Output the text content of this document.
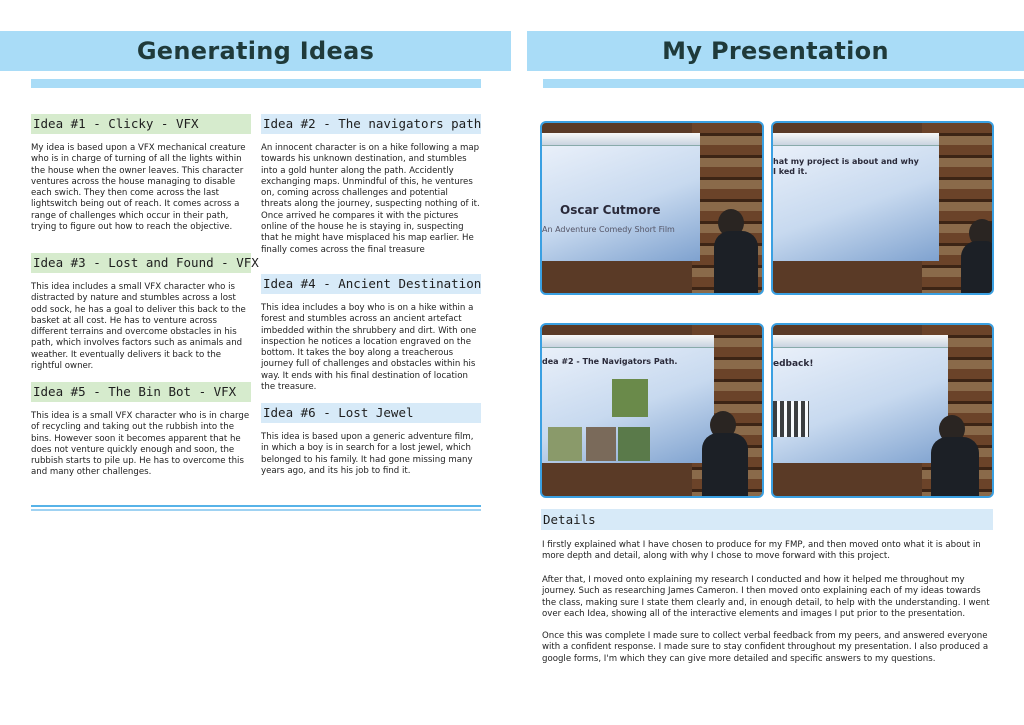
Generating Ideas
Idea #1 - Clicky - VFX

My idea is based upon a VFX mechanical creature who is in charge of turning of all the lights within the house when the owner leaves. This character ventures across the house managing to disable each swich. They then come across the last lightswitch being out of reach. It comes across a range of challenges which occur in their path, trying to figure out how to reach the objective.

Idea #3 - Lost and Found - VFX

This idea includes a small VFX character who is distracted by nature and stumbles across a lost odd sock, he has a goal to deliver this back to the basket at all cost. He has to venture across different terrains and overcome obstacles in his path, which involves factors such as animals and weather. It eventually delivers it back to the rightful owner.

Idea #5 - The Bin Bot - VFX

This idea is a small VFX character who is in charge of recycling and taking out the rubbish into the bins. However soon it becomes apparent that he does not venture quickly enough and soon, the rubbish starts to pile up. He has to overcome this and many other challenges.

Idea #2 - The navigators path

An innocent character is on a hike following a map towards his unknown destination, and stumbles into a gold hunter along the path. Accidently exchanging maps. Unmindful of this, he ventures on, coming across challenges and potential threats along the journey, suspecting nothing of it. Once arrived he compares it with the pictures online of the house he is staying in, suspecting that he might have misplaced his map earlier. He finally comes across the final treasure

Idea #4 - Ancient Destination

This idea includes a boy who is on a hike within a forest and stumbles across an ancient artefact imbedded within the shrubbery and dirt. With one inspection he notices a location engraved on the bottom. It takes the boy along a treacherous journey full of challenges and obstacles within his way. It ends with his final destination of location the treasure.

Idea #6 - Lost Jewel

This idea is based upon a generic adventure film, in which a boy is in search for a lost jewel, which belonged to his family. It had gone missing many years ago, and its his job to find it.

My Presentation
Oscar Cutmore
An Adventure Comedy Short Film
hat my project is about and why I ked it.
dea #2 - The Navigators Path.	edback!
Details

I firstly explained what I have chosen to produce for my FMP, and then moved onto what it is about in more depth and detail, along with why I chose to move forward with this project.

After that, I moved onto explaining my research I conducted and how it helped me throughout my journey. Such as researching James Cameron. I then moved onto explaining each of my ideas towards the class, making sure I state them clearly and, in enough detail, to help with the understanding. I went over each Idea, showing all of the interactive elements and images I put prior to the presentation.

Once this was complete I made sure to collect verbal feedback from my peers, and answered everyone with a confident response. I made sure to stay confident throughout my presentation. I also produced a google forms, I'm which they can give more detailed and specific answers to my questions.
